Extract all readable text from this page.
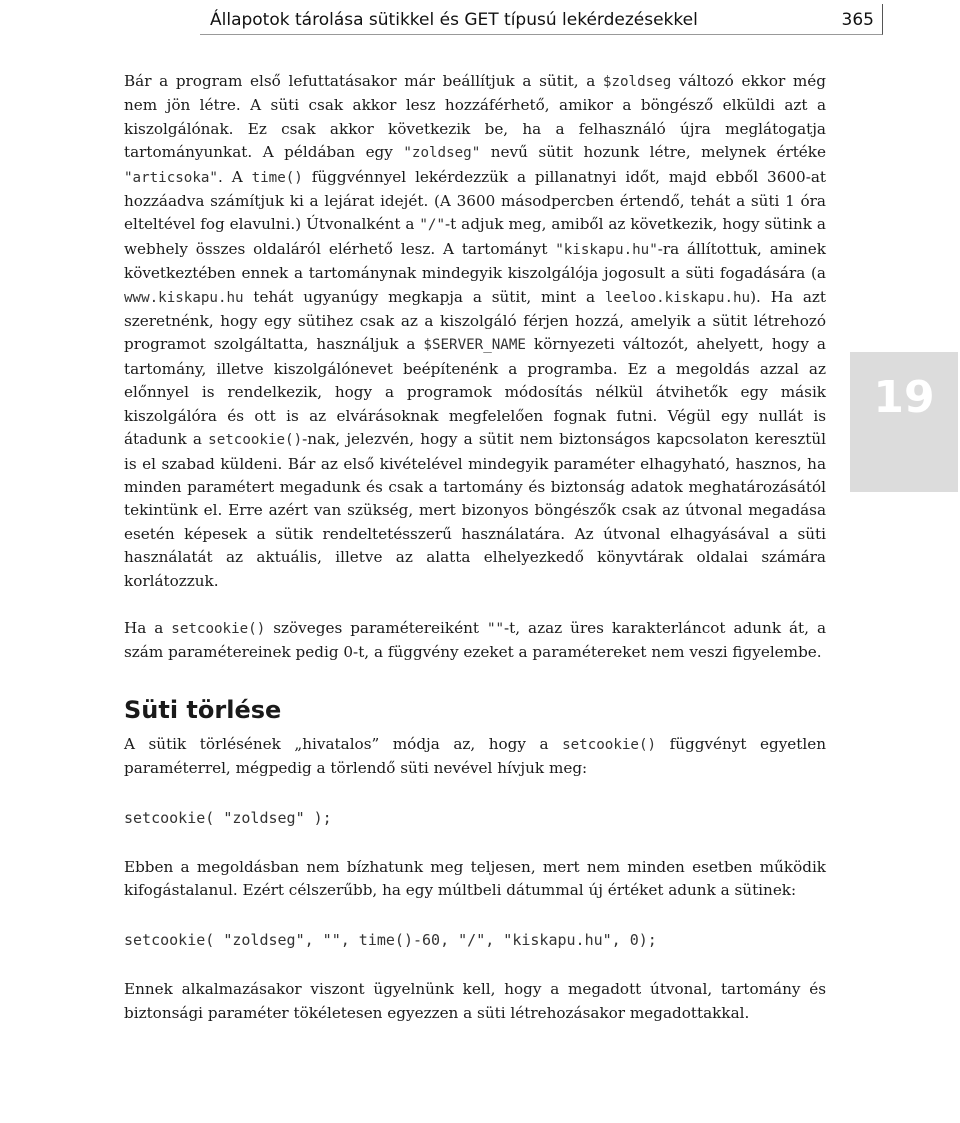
Állapotok tárolása sütikkel és GET típusú lekérdezésekkel	365
19

Bár a program első lefuttatásakor már beállítjuk a sütit, a $zoldseg változó ekkor még nem jön létre. A süti csak akkor lesz hozzáférhető, amikor a böngésző elküldi azt a kiszolgálónak. Ez csak akkor következik be, ha a felhasználó újra meglátogatja tartományunkat. A példában egy "zoldseg" nevű sütit hozunk létre, melynek értéke "articsoka". A time() függvénnyel lekérdezzük a pillanatnyi időt, majd ebből 3600-at hozzáadva számítjuk ki a lejárat idejét. (A 3600 másodpercben értendő, tehát a süti 1 óra elteltével fog elavulni.) Útvonalként a "/"-t adjuk meg, amiből az következik, hogy sütink a webhely összes oldaláról elérhető lesz. A tartományt "kiskapu.hu"-ra állítottuk, aminek következtében ennek a tartománynak mindegyik kiszolgálója jogosult a süti fogadására (a www.kiskapu.hu tehát ugyanúgy megkapja a sütit, mint a leeloo.kiskapu.hu). Ha azt szeretnénk, hogy egy sütihez csak az a kiszolgáló férjen hozzá, amelyik a sütit létrehozó programot szolgáltatta, használjuk a $SERVER_NAME környezeti változót, ahelyett, hogy a tartomány, illetve kiszolgálónevet beépítenénk a programba. Ez a megoldás azzal az előnnyel is rendelkezik, hogy a programok módosítás nélkül átvihetők egy másik kiszolgálóra és ott is az elvárásoknak megfelelően fognak futni. Végül egy nullát is átadunk a setcookie()-nak, jelezvén, hogy a sütit nem biztonságos kapcsolaton keresztül is el szabad küldeni. Bár az első kivételével mindegyik paraméter elhagyható, hasznos, ha minden paramétert megadunk és csak a tartomány és biztonság adatok meghatározásától tekintünk el. Erre azért van szükség, mert bizonyos böngészők csak az útvonal megadása esetén képesek a sütik rendeltetésszerű használatára. Az útvonal elhagyásával a süti használatát az aktuális, illetve az alatta elhelyezkedő könyvtárak oldalai számára korlátozzuk.

Ha a setcookie() szöveges paramétereiként ""-t, azaz üres karakterláncot adunk át, a szám paramétereinek pedig 0-t, a függvény ezeket a paramétereket nem veszi figyelembe.

Süti törlése

A sütik törlésének „hivatalos” módja az, hogy a setcookie() függvényt egyetlen paraméterrel, mégpedig a törlendő süti nevével hívjuk meg:

setcookie( "zoldseg" );

Ebben a megoldásban nem bízhatunk meg teljesen, mert nem minden esetben működik kifogástalanul. Ezért célszerűbb, ha egy múltbeli dátummal új értéket adunk a sütinek:

setcookie( "zoldseg", "", time()-60, "/", "kiskapu.hu", 0);

Ennek alkalmazásakor viszont ügyelnünk kell, hogy a megadott útvonal, tartomány és biztonsági paraméter tökéletesen egyezzen a süti létrehozásakor megadottakkal.
